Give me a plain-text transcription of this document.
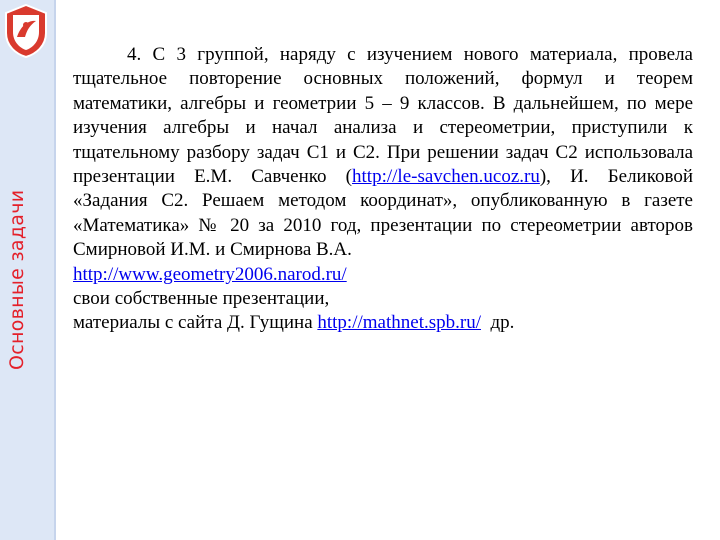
Основные задачи

4. С 3 группой, наряду с изучением нового материала, провела тщательное повторение основных положений, формул и теорем математики, алгебры и геометрии 5 – 9 классов. В дальнейшем, по мере изучения алгебры и начал анализа и стереометрии, приступили к тщательному разбору задач С1 и С2. При решении задач С2 использовала презентации Е.М. Савченко (http://le-savchen.ucoz.ru), И. Беликовой «Задания С2. Решаем методом координат», опубликованную в газете «Математика» № 20 за 2010 год, презентации по стереометрии авторов Смирновой И.М. и Смирнова В.А.

http://www.geometry2006.narod.ru/

свои собственные презентации,

материалы с сайта Д. Гущина http://mathnet.spb.ru/  др.
